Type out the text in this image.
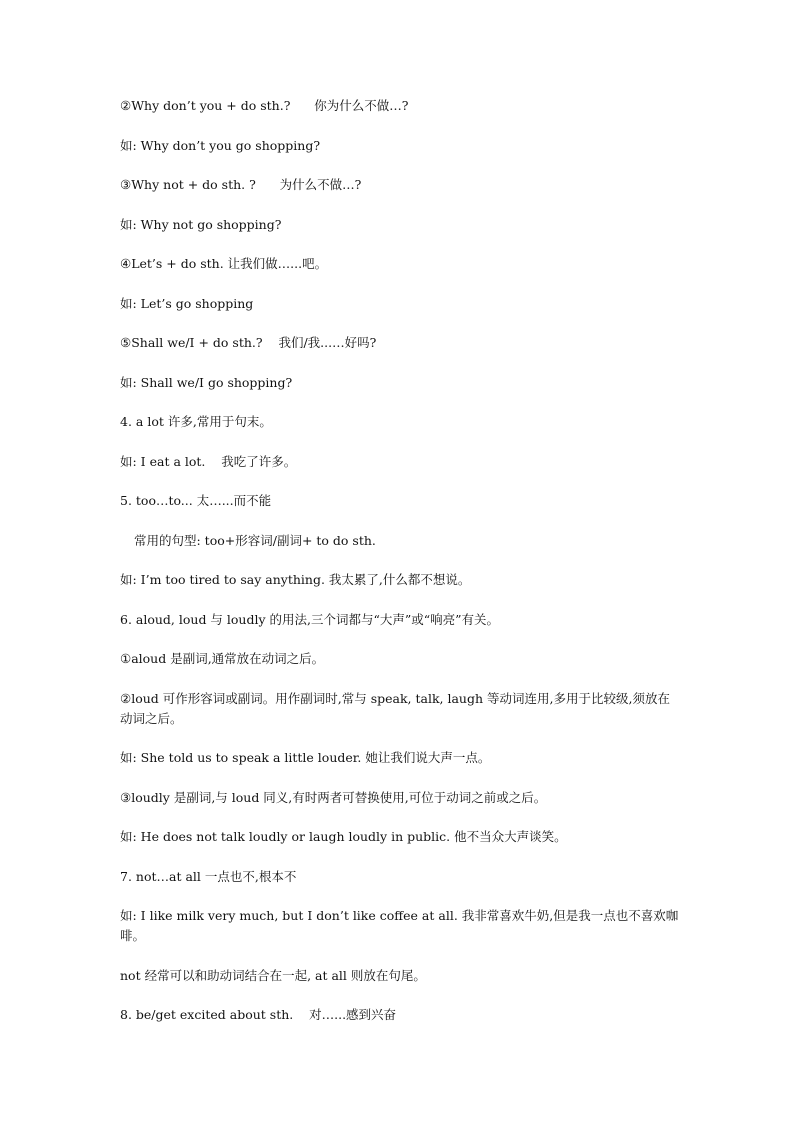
②Why don’t you + do sth.?      你为什么不做…?
如: Why don’t you go shopping?
③Why not + do sth. ?      为什么不做…?
如: Why not go shopping?
④Let’s + do sth. 让我们做…...吧。
如: Let’s go shopping
⑤Shall we/I + do sth.?    我们/我...…好吗?
如: Shall we/I go shopping?
4. a lot 许多,常用于句末。
如: I eat a lot.    我吃了许多。
5. too…to... 太…...而不能
常用的句型: too+形容词/副词+ to do sth.
如: I’m too tired to say anything. 我太累了,什么都不想说。
6. aloud, loud 与 loudly 的用法,三个词都与“大声”或“响亮”有关。
①aloud 是副词,通常放在动词之后。
②loud 可作形容词或副词。用作副词时,常与 speak, talk, laugh 等动词连用,多用于比较级,须放在动词之后。
如: She told us to speak a little louder. 她让我们说大声一点。
③loudly 是副词,与 loud 同义,有时两者可替换使用,可位于动词之前或之后。
如: He does not talk loudly or laugh loudly in public. 他不当众大声谈笑。
7. not…at all 一点也不,根本不
如: I like milk very much, but I don’t like coffee at all. 我非常喜欢牛奶,但是我一点也不喜欢咖啡。
not 经常可以和助动词结合在一起, at all 则放在句尾。
8. be/get excited about sth.    对…...感到兴奋
